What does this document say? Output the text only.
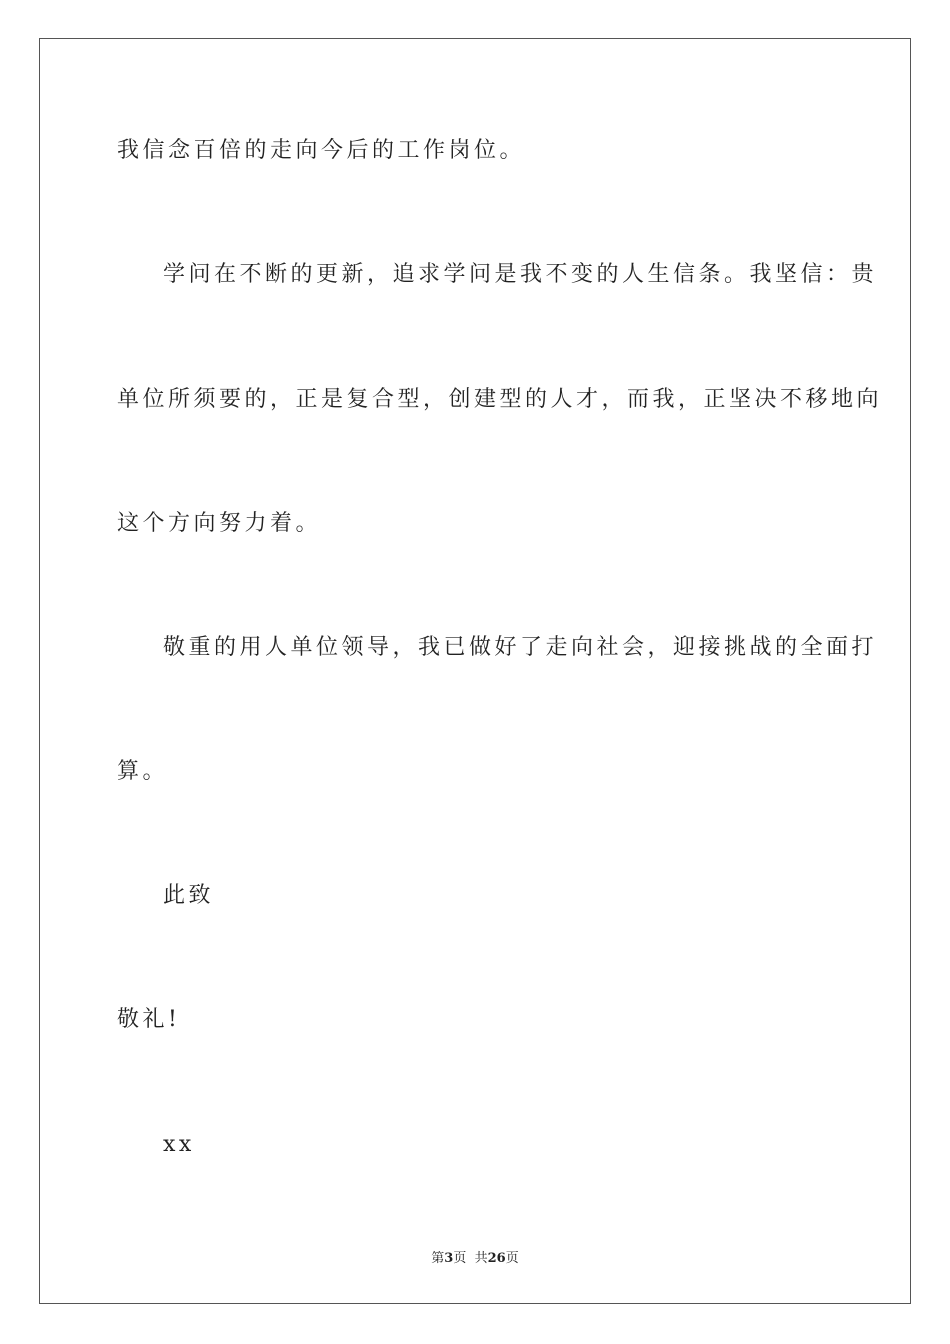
我信念百倍的走向今后的工作岗位。
学问在不断的更新，追求学问是我不变的人生信条。我坚信：贵
单位所须要的，正是复合型，创建型的人才，而我，正坚决不移地向
这个方向努力着。
敬重的用人单位领导，我已做好了走向社会，迎接挑战的全面打
算。
此致
敬礼!
xx
第3页  共26页
